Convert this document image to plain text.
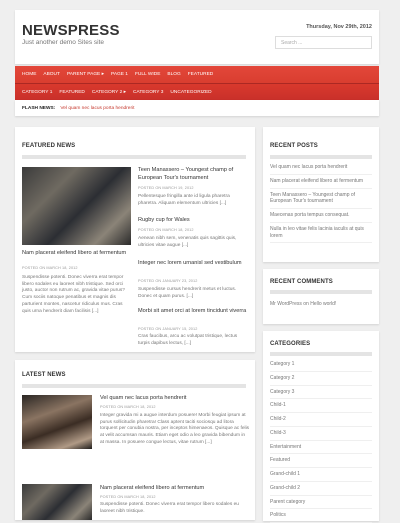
NEWSPRESS
Just another demo Sites site
Thursday, Nov 29th, 2012
Search ...
HOME ABOUT PARENT PAGE ▸ PAGE 1 FULL WIDE BLOG FEATURED
CATEGORY 1 FEATURED CATEGORY 2 ▸ CATEGORY 3 UNCATEGORIZED
FLASH NEWS: Vel quam nec lacus porta hendrerit
FEATURED NEWS
Nam placerat eleifend libero at fermentum
POSTED ON MARCH 18, 2012
Suspendisse potenti. Donec viverra erat tempor libero sodales eu laoreet nibh tristique. Sed orci justo, auctor non rutrum ac, gravida vitae purus? Cum sociis natoque penatibus et magnis dis parturient montes, nascetur ridiculus mus. Cras quis urna hendrerit diam facilisis [...]
Teen Manassero – Youngest champ of European Tour's tournament
POSTED ON MARCH 19, 2012
Pellentesque fringilla ante id ligula pharetra pharetra. Aliquam elementum ultricies [...]
Rugby cup for Wales
POSTED ON MARCH 18, 2012
Aenean nibh sem, venenatis quis sagittis quis, ultricies vitae augue [...]
Integer nec lorem urnanisl sed vestibulum
POSTED ON JANUARY 23, 2012
Suspendisse cursus hendrerit metus et luctus. Donec et quam purus. [...]
Morbi sit amet orci at lorem tincidunt viverra
POSTED ON JANUARY 15, 2012
Cras faucibus, arcu ac volutpat tristique, lectus turpis dapibus lectus, [...]
LATEST NEWS
Vel quam nec lacus porta hendrerit
POSTED ON MARCH 18, 2012
Integer gravida mi a augue interdum posuere! Morbi feugiat ipsum at purus sollicitudin pharetra! Class aptent taciti sociosqu ad litora torquent per conubia nostra, per inceptos himenaeos. Quisque ac felis at velit accumsan mauris. Etiam eget odio a leo gravida bibendum in at massa. In posuere congue lectus, vitae rutrum [...]
Nam placerat eleifend libero at fermentum
POSTED ON MARCH 18, 2012
Suspendisse potenti. Donec viverra erat tempor libero sodales eu laoreet nibh tristique.
RECENT POSTS
Vel quam nec lacus porta hendrerit
Nam placerat eleifend libero at fermentum
Teen Manassero – Youngest champ of European Tour's tournament
Maecenas porta tempus consequat.
Nulla in leo vitae felis lacinia iaculis at quis lorem
RECENT COMMENTS
Mr WordPress on Hello world!
CATEGORIES
Category 1
Category 2
Category 3
Child-1
Child-2
Child-3
Entertainment
Featured
Grand-child 1
Grand-child 2
Parent category
Politics
